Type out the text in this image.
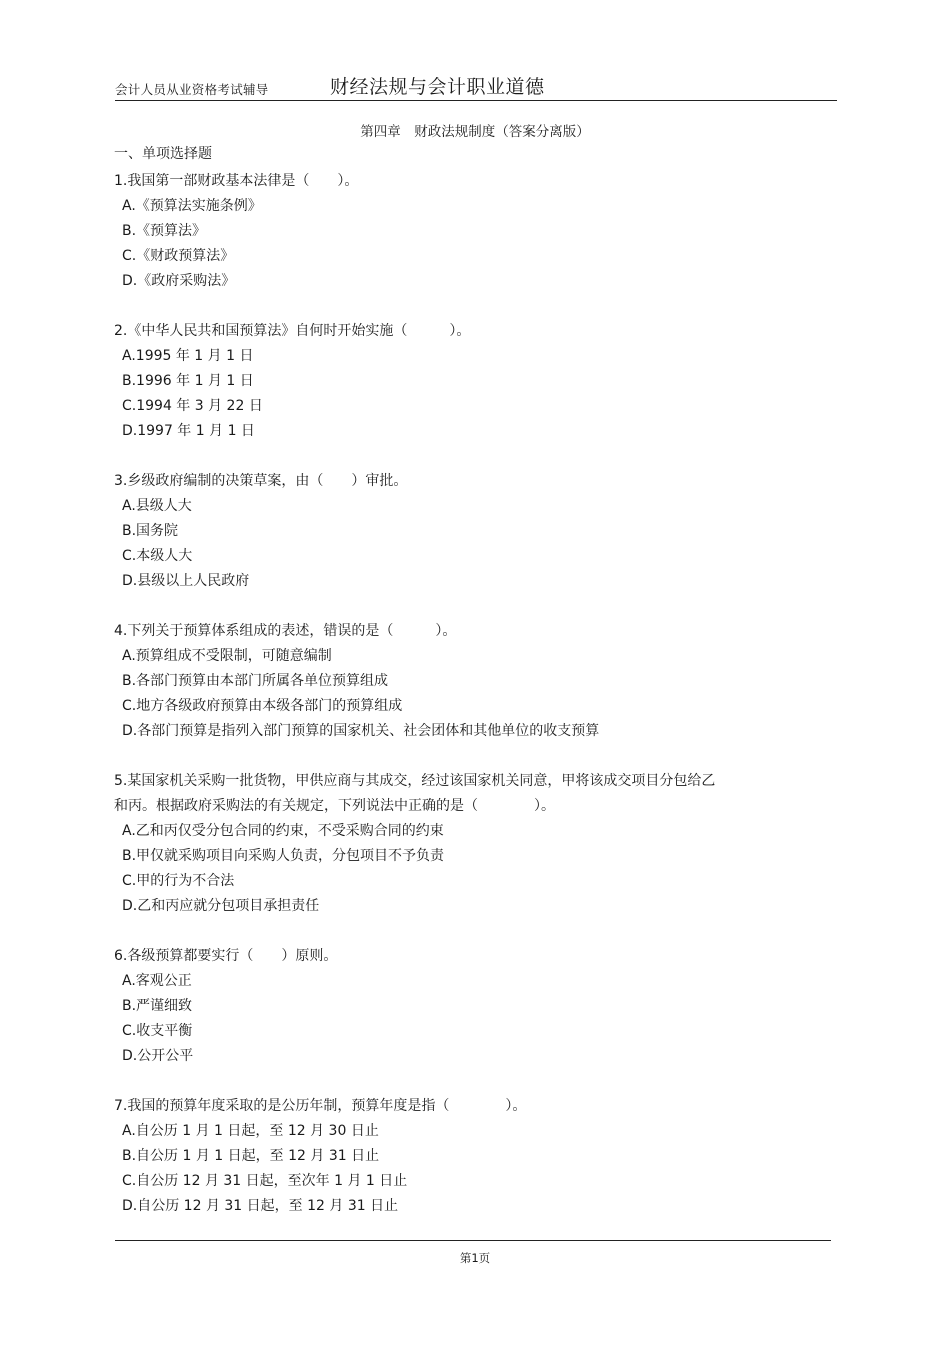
会计人员从业资格考试辅导	财经法规与会计职业道德
第四章　财政法规制度（答案分离版）
一、单项选择题
1.我国第一部财政基本法律是（　　）。
A.《预算法实施条例》
B.《预算法》
C.《财政预算法》
D.《政府采购法》
2.《中华人民共和国预算法》自何时开始实施（　　　）。
A.1995 年 1 月 1 日
B.1996 年 1 月 1 日
C.1994 年 3 月 22 日
D.1997 年 1 月 1 日
3.乡级政府编制的决策草案，由（　　）审批。
A.县级人大
B.国务院
C.本级人大
D.县级以上人民政府
4.下列关于预算体系组成的表述，错误的是（　　　）。
A.预算组成不受限制，可随意编制
B.各部门预算由本部门所属各单位预算组成
C.地方各级政府预算由本级各部门的预算组成
D.各部门预算是指列入部门预算的国家机关、社会团体和其他单位的收支预算
5.某国家机关采购一批货物，甲供应商与其成交，经过该国家机关同意，甲将该成交项目分包给乙
和丙。根据政府采购法的有关规定，下列说法中正确的是（　　　　）。
A.乙和丙仅受分包合同的约束，不受采购合同的约束
B.甲仅就采购项目向采购人负责，分包项目不予负责
C.甲的行为不合法
D.乙和丙应就分包项目承担责任
6.各级预算都要实行（　　）原则。
A.客观公正
B.严谨细致
C.收支平衡
D.公开公平
7.我国的预算年度采取的是公历年制，预算年度是指（　　　　）。
A.自公历 1 月 1 日起，至 12 月 30 日止
B.自公历 1 月 1 日起，至 12 月 31 日止
C.自公历 12 月 31 日起，至次年 1 月 1 日止
D.自公历 12 月 31 日起，至 12 月 31 日止
第1页
